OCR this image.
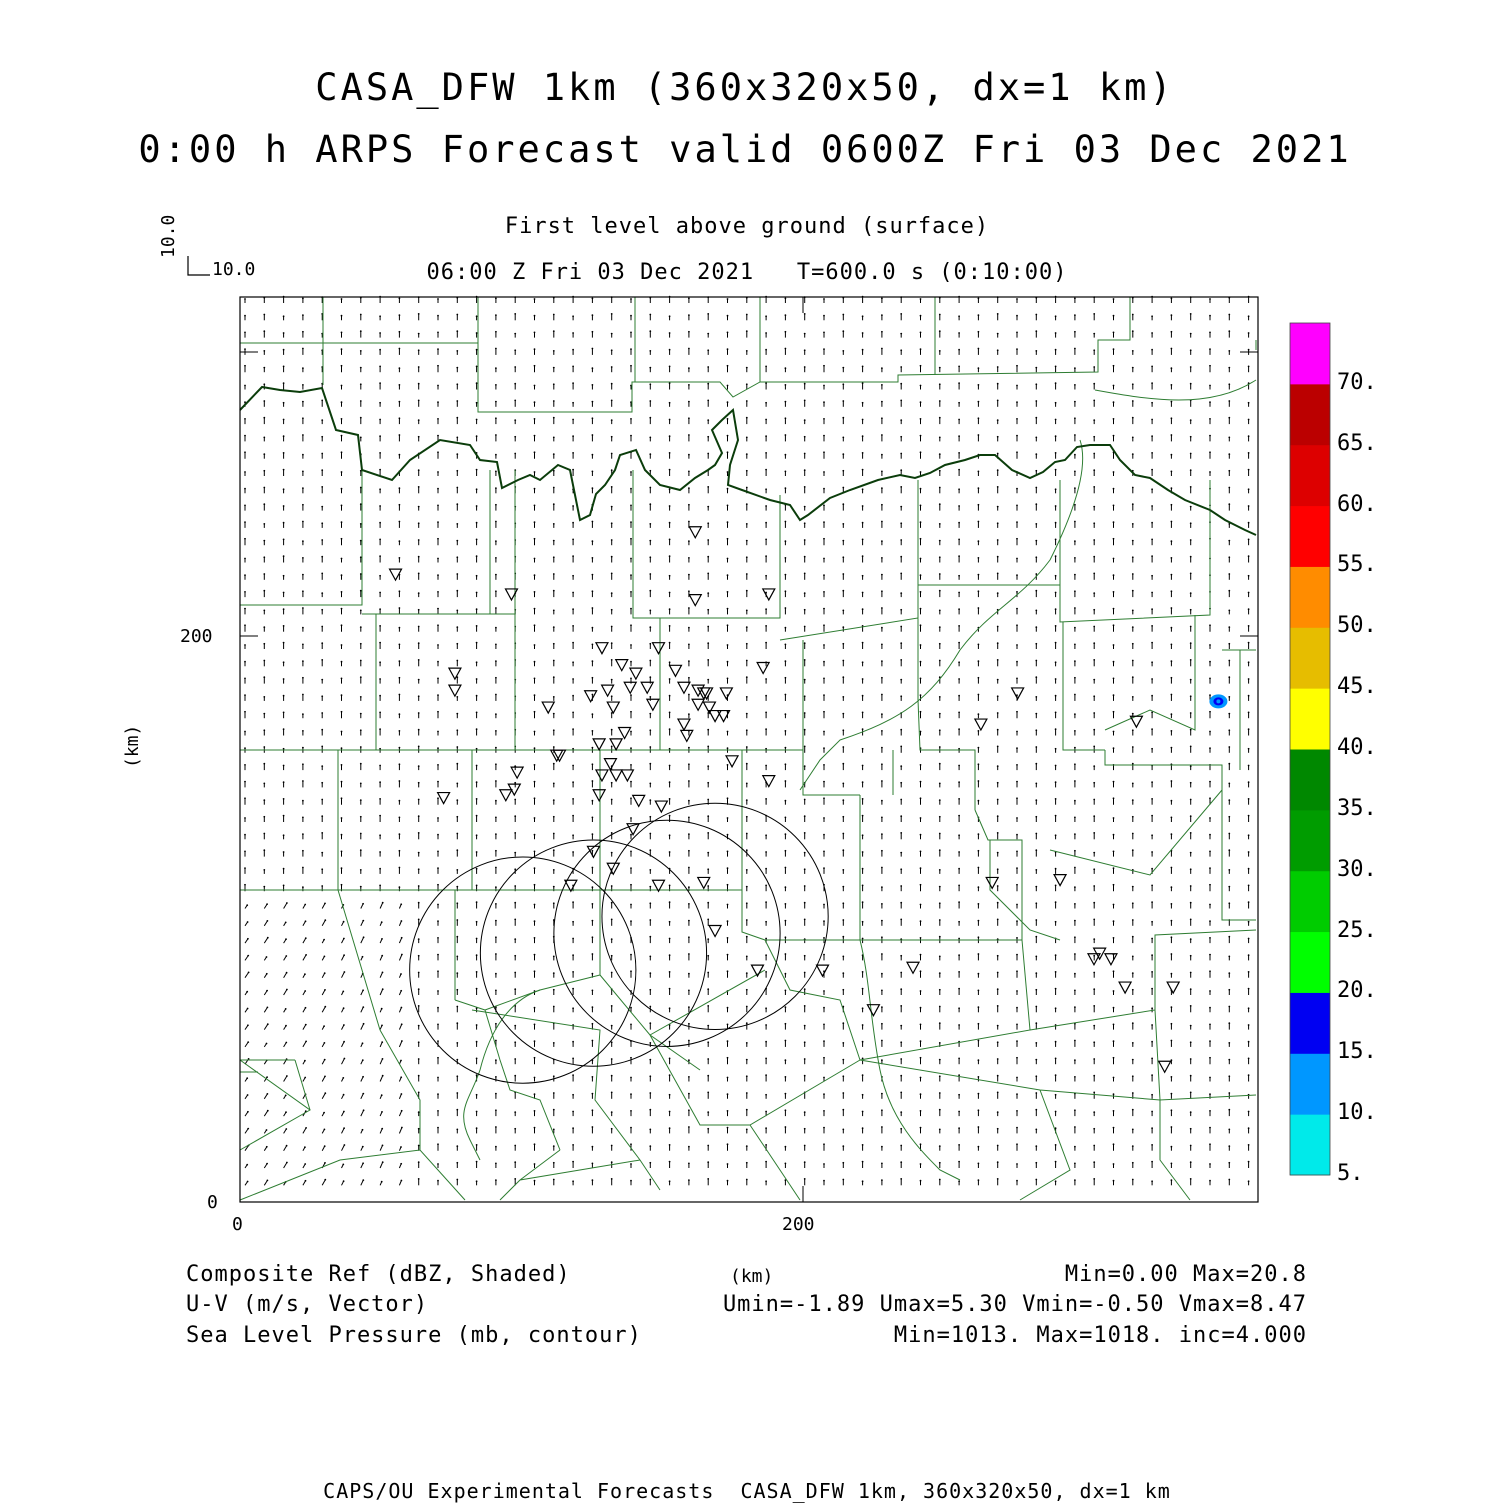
CASA_DFW 1km (360x320x50, dx=1 km)
0:00 h ARPS Forecast valid 0600Z Fri 03 Dec 2021
First level above ground (surface)
06:00 Z Fri 03 Dec 2021   T=600.0 s (0:10:00)
10.0
10.0
200
0
0	200
(km)
(km)
5.
10.
15.
20.
25.
30.
35.
40.
45.
50.
55.
60.
65.
70.
Composite Ref (dBZ, Shaded)
U-V (m/s, Vector)
Sea Level Pressure (mb, contour)
Min=0.00 Max=20.8
Umin=-1.89 Umax=5.30 Vmin=-0.50 Vmax=8.47
Min=1013. Max=1018. inc=4.000
CAPS/OU Experimental Forecasts  CASA_DFW 1km, 360x320x50, dx=1 km
